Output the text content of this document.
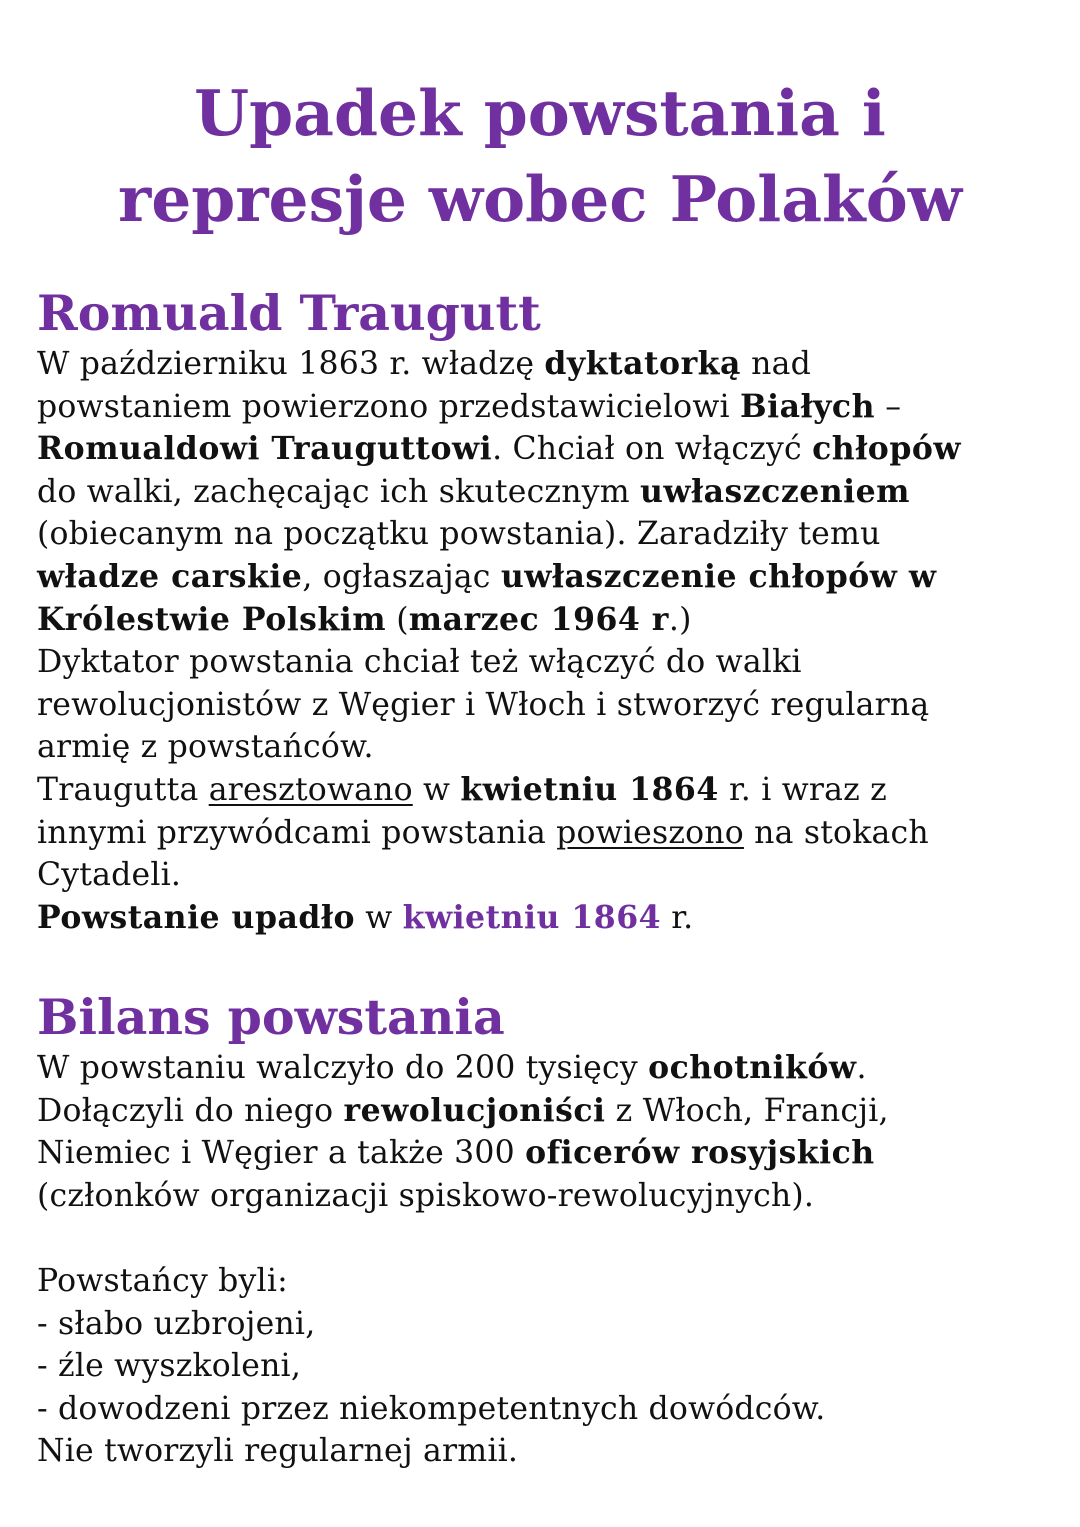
Upadek powstania i
represje wobec Polaków
Romuald Traugutt
W październiku 1863 r. władzę dyktatorką nad
powstaniem powierzono przedstawicielowi Białych –
Romualdowi Trauguttowi. Chciał on włączyć chłopów
do walki, zachęcając ich skutecznym uwłaszczeniem
(obiecanym na początku powstania). Zaradziły temu
władze carskie, ogłaszając uwłaszczenie chłopów w
Królestwie Polskim (marzec 1964 r.)
Dyktator powstania chciał też włączyć do walki
rewolucjonistów z Węgier i Włoch i stworzyć regularną
armię z powstańców.
Traugutta aresztowano w kwietniu 1864 r. i wraz z
innymi przywódcami powstania powieszono na stokach
Cytadeli.
Powstanie upadło w kwietniu 1864 r.
Bilans powstania
W powstaniu walczyło do 200 tysięcy ochotników.
Dołączyli do niego rewolucjoniści z Włoch, Francji,
Niemiec i Węgier a także 300 oficerów rosyjskich
(członków organizacji spiskowo-rewolucyjnych).
Powstańcy byli:
- słabo uzbrojeni,
- źle wyszkoleni,
- dowodzeni przez niekompetentnych dowódców.
Nie tworzyli regularnej armii.
